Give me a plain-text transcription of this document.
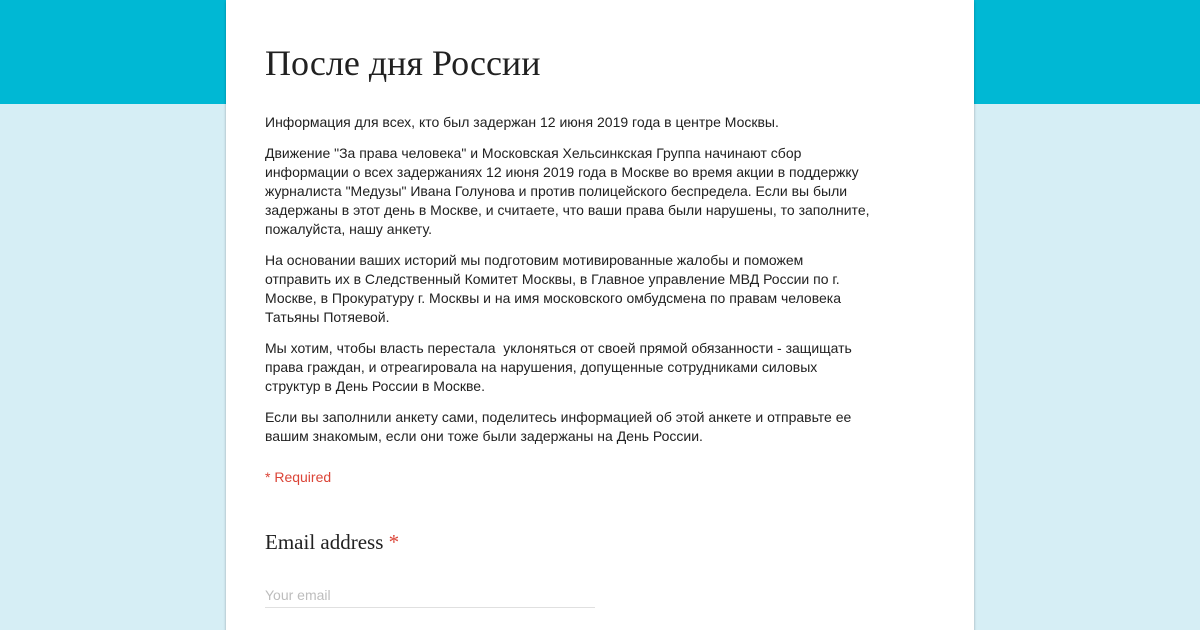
После дня России

Информация для всех, кто был задержан 12 июня 2019 года в центре Москвы.

Движение "За права человека" и Московская Хельсинкская Группа начинают сбор
информации о всех задержаниях 12 июня 2019 года в Москве во время акции в поддержку
журналиста "Медузы" Ивана Голунова и против полицейского беспредела. Если вы были
задержаны в этот день в Москве, и считаете, что ваши права были нарушены, то заполните,
пожалуйста, нашу анкету.

На основании ваших историй мы подготовим мотивированные жалобы и поможем
отправить их в Следственный Комитет Москвы, в Главное управление МВД России по г.
Москве, в Прокуратуру г. Москвы и на имя московского омбудсмена по правам человека
Татьяны Потяевой.

Мы хотим, чтобы власть перестала  уклоняться от своей прямой обязанности - защищать
права граждан, и отреагировала на нарушения, допущенные сотрудниками силовых
структур в День России в Москве.

Если вы заполнили анкету сами, поделитесь информацией об этой анкете и отправьте ее
вашим знакомым, если они тоже были задержаны на День России.

* Required
Email address *
Your email
